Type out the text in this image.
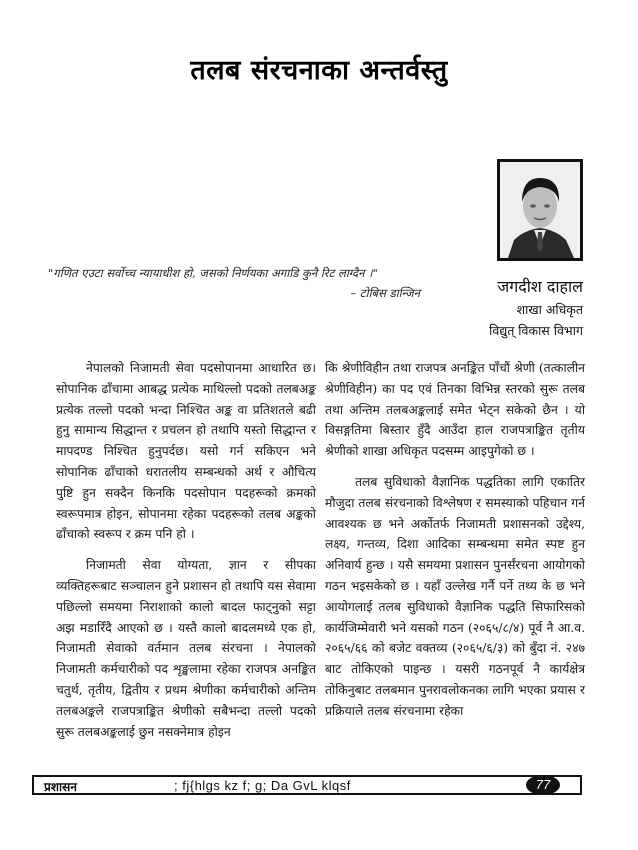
तलब संरचनाका अन्तर्वस्तु
"गणित एउटा सर्वोच्च न्यायाधीश हो, जसको निर्णयका अगाडि कुनै रिट लाग्दैन ।"
– टोबिस डान्जिन	जगदीश दाहाल
शाखा अधिकृत
विद्युत् विकास विभाग

नेपालको निजामती सेवा पदसोपानमा आधारित छ। सोपानिक ढाँचामा आबद्ध प्रत्येक माथिल्लो पदको तलबअङ्क प्रत्येक तल्लो पदको भन्दा निश्चित अङ्क वा प्रतिशतले बढी हुनु सामान्य सिद्धान्त र प्रचलन हो तथापि यस्तो सिद्धान्त र मापदण्ड निश्चित हुनुपर्दछ। यसो गर्न सकिएन भने सोपानिक ढाँचाको धरातलीय सम्बन्धको अर्थ र औचित्य पुष्टि हुन सक्दैन किनकि पदसोपान पदहरूको क्रमको स्वरूपमात्र होइन, सोपानमा रहेका पदहरूको तलब अङ्कको ढाँचाको स्वरूप र क्रम पनि हो ।

निजामती सेवा योग्यता, ज्ञान र सीपका व्यक्तिहरूबाट सञ्चालन हुने प्रशासन हो तथापि यस सेवामा पछिल्लो समयमा निराशाको कालो बादल फाट्नुको सट्टा अझ मडारिँदै आएको छ । यस्तै कालो बादलमध्ये एक हो, निजामती सेवाको वर्तमान तलब संरचना । नेपालको निजामती कर्मचारीको पद शृङ्खलामा रहेका राजपत्र अनङ्कित चतुर्थ, तृतीय, द्वितीय र प्रथम श्रेणीका कर्मचारीको अन्तिम तलबअङ्कले राजपत्राङ्कित श्रेणीको सबैभन्दा तल्लो पदको सुरू तलबअङ्कलाई छुन नसक्नेमात्र होइन

कि श्रेणीविहीन तथा राजपत्र अनङ्कित पाँचौं श्रेणी (तत्कालीन श्रेणीविहीन) का पद एवं तिनका विभिन्न स्तरको सुरू तलब तथा अन्तिम तलबअङ्कलाई समेत भेट्न सकेको छैन । यो विसङ्गतिमा बिस्तार हुँदै आउँदा हाल राजपत्राङ्कित तृतीय श्रेणीको शाखा अधिकृत पदसम्म आइपुगेको छ ।

तलब सुविधाको वैज्ञानिक पद्धतिका लागि एकातिर मौजुदा तलब संरचनाको विश्लेषण र समस्याको पहिचान गर्न आवश्यक छ भने अर्कोतर्फ निजामती प्रशासनको उद्देश्य, लक्ष्य, गन्तव्य, दिशा आदिका सम्बन्धमा समेत स्पष्ट हुन अनिवार्य हुन्छ । यसै समयमा प्रशासन पुनर्संरचना आयोगको गठन भइसकेको छ । यहाँ उल्लेख गर्नै पर्ने तथ्य के छ भने आयोगलाई तलब सुविधाको वैज्ञानिक पद्धति सिफारिसको कार्यजिम्मेवारी भने यसको गठन (२०६५/८/४) पूर्व नै आ.व. २०६५/६६ को बजेट वक्तव्य (२०६५/६/३) को बुँदा नं. २४७ बाट तोकिएको पाइन्छ । यसरी गठनपूर्व नै कार्यक्षेत्र तोकिनुबाट तलबमान पुनरावलोकनका लागि भएका प्रयास र प्रक्रियाले तलब संरचनामा रहेका

प्रशासन	; fj{hlgs kz f; g; Da GvL klqsf	77
